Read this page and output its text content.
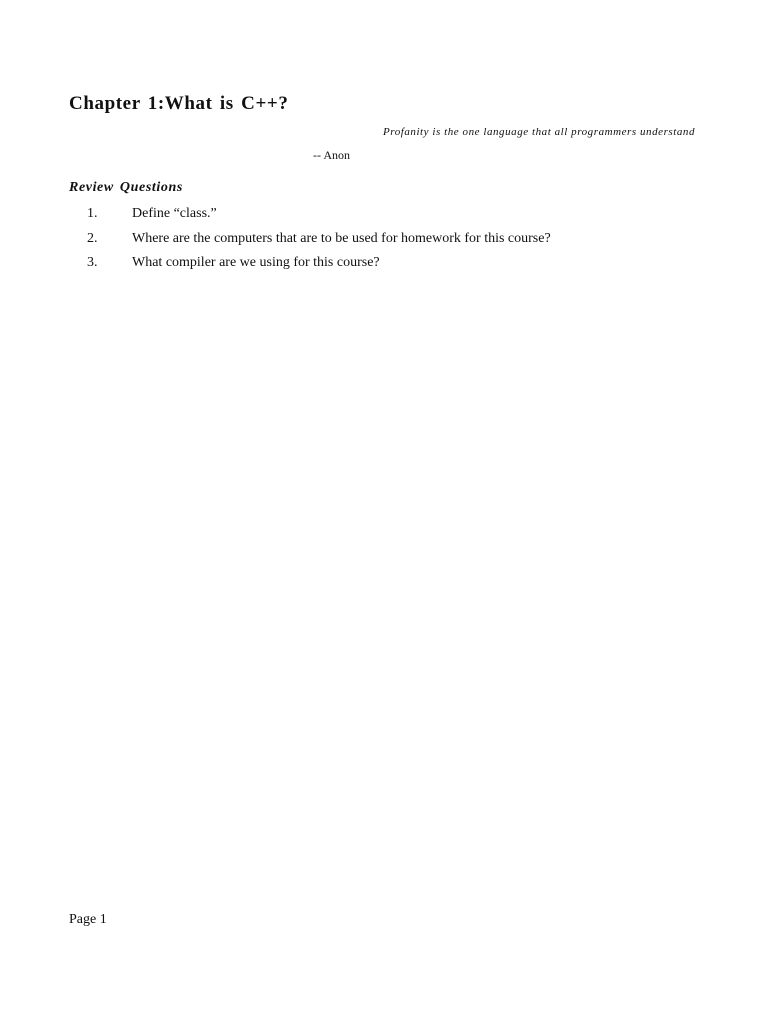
Chapter 1:What is C++?

Profanity is the one language that all programmers understand

-- Anon

Review Questions
1. Define “class.”
2. Where are the computers that are to be used for homework for this course?
3. What compiler are we using for this course?

Page 1
